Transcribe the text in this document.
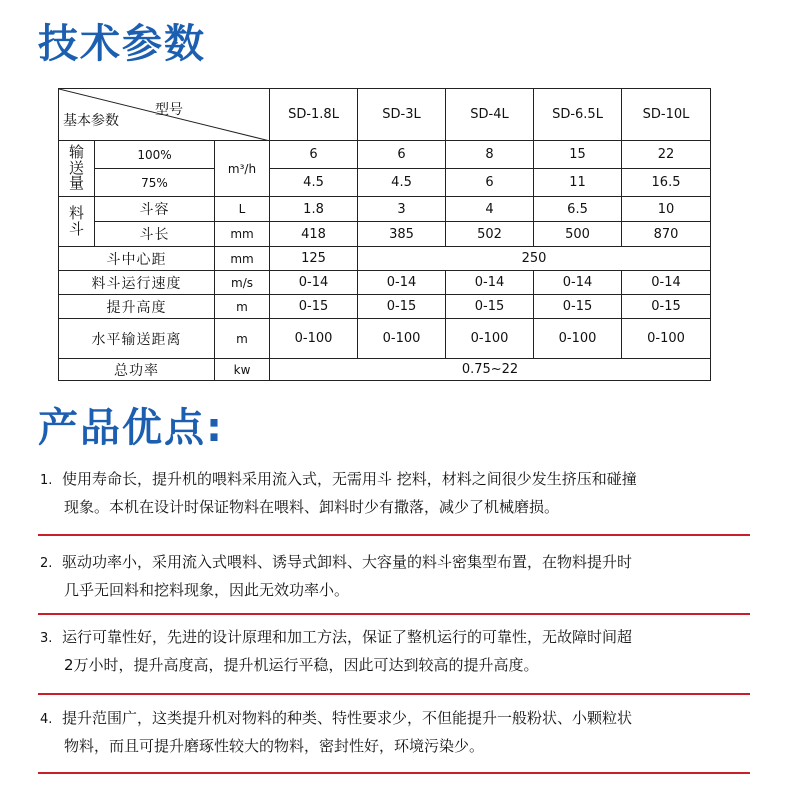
技术参数
型号
基本参数			SD-1.8L	SD-3L	SD-4L	SD-6.5L	SD-10L

输
送
量	100%	m³/h	6	6	8	15	22
	75%		4.5	4.5	6	11	16.5

料
斗	斗容	L	1.8	3	4	6.5	10
	斗长	mm	418	385	502	500	870
斗中心距		mm	125	250			
料斗运行速度		m/s	0-14	0-14	0-14	0-14	0-14
提升高度		m	0-15	0-15	0-15	0-15	0-15
水平输送距离		m	0-100	0-100	0-100	0-100	0-100
总功率		kw	0.75~22				
产品优点:
1. 使用寿命长，提升机的喂料采用流入式，无需用斗 挖料，材料之间很少发生挤压和碰撞
现象。本机在设计时保证物料在喂料、卸料时少有撒落，减少了机械磨损。
2. 驱动功率小，采用流入式喂料、诱导式卸料、大容量的料斗密集型布置，在物料提升时
几乎无回料和挖料现象，因此无效功率小。
3. 运行可靠性好，先进的设计原理和加工方法，保证了整机运行的可靠性，无故障时间超
2万小时，提升高度高，提升机运行平稳，因此可达到较高的提升高度。
4. 提升范围广，这类提升机对物料的种类、特性要求少，不但能提升一般粉状、小颗粒状
物料，而且可提升磨琢性较大的物料，密封性好，环境污染少。
